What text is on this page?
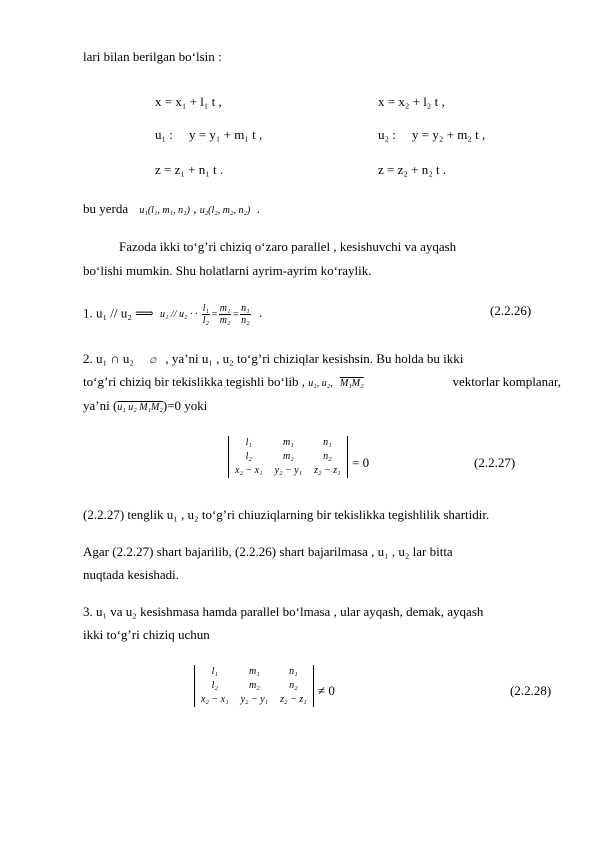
lari bilan berilgan bo‘lsin :
x = x₁ + l₁ t ,	x = x₂ + l₂ t ,
u₁ : y = y₁ + m₁ t ,	u₂ : y = y₂ + m₂ t ,
z = z₁ + n₁ t .	z = z₂ + n₂ t .
bu yerda u₁(l₁, m₁, n₁) , u₂(l₂, m₂, n₂)  .
Fazoda ikki to‘g’ri chiziq o‘zaro parallel , kesishuvchi va ayqash
bo‘lishi mumkin. Shu holatlarni ayrim-ayrim ko‘raylik.
1. u₁ // u₂ ⟹ u₁ // u₂ · · $\frac{\text{l₁}}{\text{l₂}} = \frac{\text{m₁}}{\text{m₂}} = \frac{\text{n₁}}{\text{n₂}}$ .	(2.2.26)
2. u₁ ∩ u₂ ∅ , ya’ni u₁ , u₂ to‘g’ri chiziqlar kesishsin. Bu holda bu ikki
to‘g’ri chiziq bir tekislikka tegishli bo‘lib , u₁, u₂, M₁M₂	vektorlar komplanar,
ya’ni (u₁ u₂ M₁M₂)=0 yoki
l₁	m₁	n₁
l₂	m₂	n₂
x₂ − x₁	y₂ − y₁	z₂ − z₁
= 0	(2.2.27)
(2.2.27) tenglik u₁ , u₂ to‘g’ri chiuziqlarning bir tekislikka tegishlilik shartidir.
Agar (2.2.27) shart bajarilib, (2.2.26) shart bajarilmasa , u₁ , u₂ lar bitta
nuqtada kesishadi.
3. u₁ va u₂ kesishmasa hamda parallel bo‘lmasa , ular ayqash, demak, ayqash
ikki to‘g’ri chiziq uchun
l₁	m₁	n₁
l₂	m₂	n₂
x₂ − x₁	y₂ − y₁	z₂ − z₁
≠ 0	(2.2.28)
